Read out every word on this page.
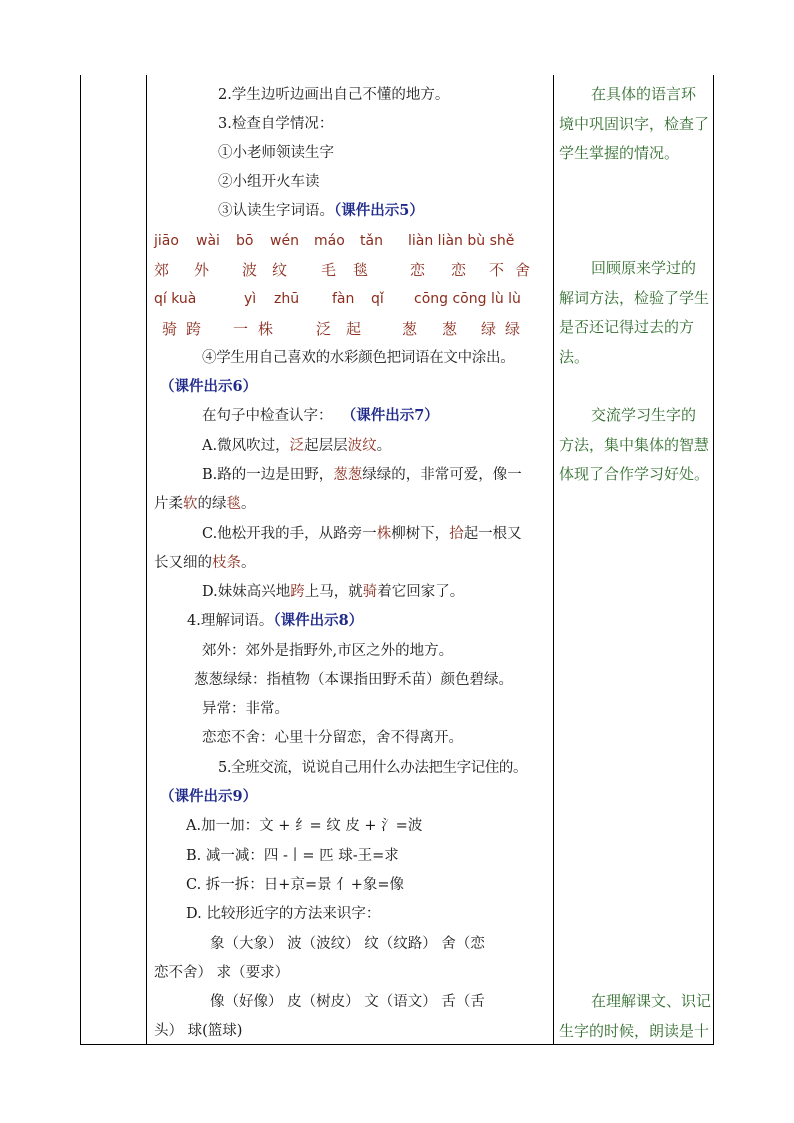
2.学生边听边画出自己不懂的地方。
3.检查自学情况：
①小老师领读生字
②小组开火车读
③认读生字词语。（课件出示5）
jiāo wài bō wén máo tǎn liàn liàn bù shě
郊 外 波 纹 毛 毯	恋 恋 不 舍
qí kuà	yì zhū fàn qǐ cōng cōng lù lù
骑 跨 一 株	泛 起	葱 葱 绿 绿
④学生用自己喜欢的水彩颜色把词语在文中涂出。
（课件出示6）
在句子中检查认字： （课件出示7）
A.微风吹过，泛起层层波纹。
B.路的一边是田野，葱葱绿绿的，非常可爱，像一
片柔软的绿毯。
C.他松开我的手，从路旁一株柳树下，拾起一根又
长又细的枝条。
D.妹妹高兴地跨上马，就骑着它回家了。
4.理解词语。（课件出示8）
郊外：郊外是指野外,市区之外的地方。
葱葱绿绿：指植物（本课指田野禾苗）颜色碧绿。
异常：非常。
恋恋不舍：心里十分留恋，舍不得离开。
5.全班交流，说说自己用什么办法把生字记住的。
（课件出示9）
A.加一加：文 + 纟= 纹 皮 + 氵=波
B. 减一减：四 -丨= 匹 球-王=求
C. 拆一拆：日+京=景 亻+象=像
D. 比较形近字的方法来识字：
象（大象） 波（波纹） 纹（纹路） 舍（恋
恋不舍） 求（要求）
像（好像） 皮（树皮） 文（语文） 舌（舌
头） 球(篮球)
在具体的语言环
境中巩固识字，检查了
学生掌握的情况。
回顾原来学过的
解词方法，检验了学生
是否还记得过去的方
法。
交流学习生字的
方法，集中集体的智慧
体现了合作学习好处。
在理解课文、识记
生字的时候，朗读是十
